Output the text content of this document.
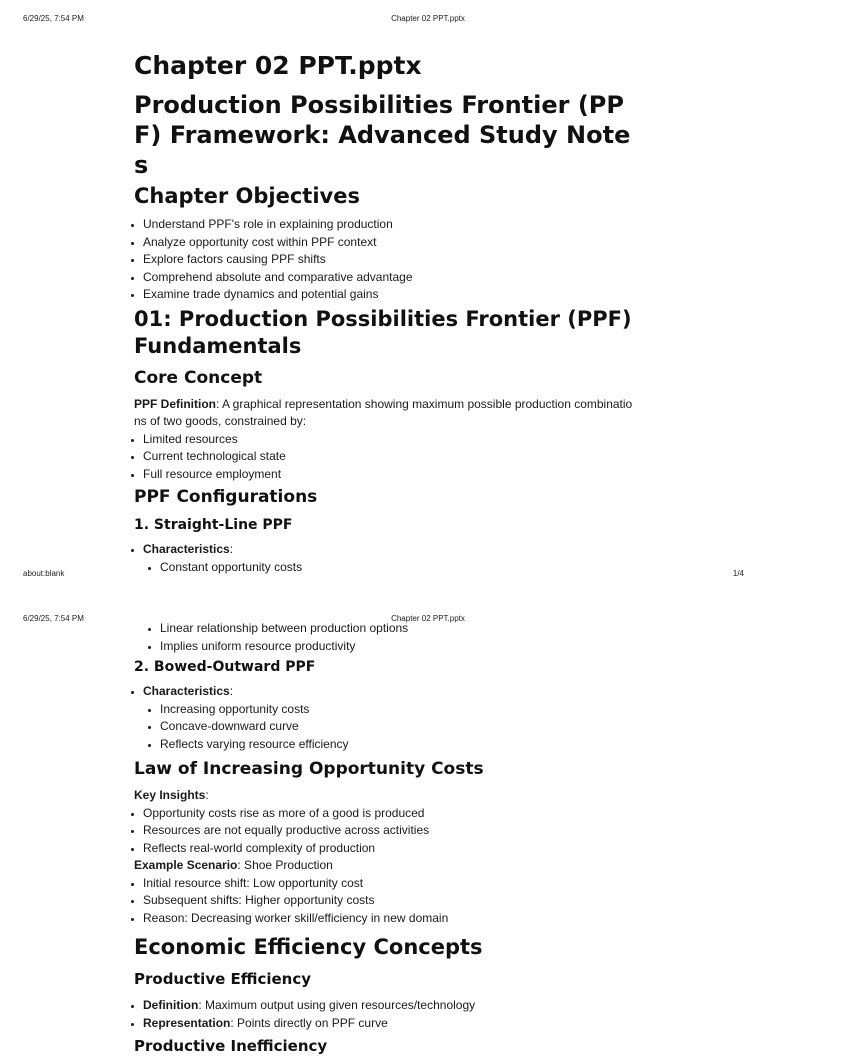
6/29/25, 7:54 PM	Chapter 02 PPT.pptx
Chapter 02 PPT.pptx
Production Possibilities Frontier (PPF) Framework: Advanced Study Notes
Chapter Objectives
• Understand PPF's role in explaining production
• Analyze opportunity cost within PPF context
• Explore factors causing PPF shifts
• Comprehend absolute and comparative advantage
• Examine trade dynamics and potential gains
01: Production Possibilities Frontier (PPF) Fundamentals
Core Concept

PPF Definition: A graphical representation showing maximum possible production combinations of two goods, constrained by:

• Limited resources
• Current technological state
• Full resource employment
PPF Configurations
1. Straight-Line PPF
• Characteristics:
• Constant opportunity costs
about:blank	1/4
6/29/25, 7:54 PM	Chapter 02 PPT.pptx
• Linear relationship between production options
• Implies uniform resource productivity
2. Bowed-Outward PPF
• Characteristics:
• Increasing opportunity costs
• Concave-downward curve
• Reflects varying resource efficiency
Law of Increasing Opportunity Costs

Key Insights:

• Opportunity costs rise as more of a good is produced
• Resources are not equally productive across activities
• Reflects real-world complexity of production

Example Scenario: Shoe Production

• Initial resource shift: Low opportunity cost
• Subsequent shifts: Higher opportunity costs
• Reason: Decreasing worker skill/efficiency in new domain
Economic Efficiency Concepts
Productive Efficiency
• Definition: Maximum output using given resources/technology
• Representation: Points directly on PPF curve
Productive Inefficiency
